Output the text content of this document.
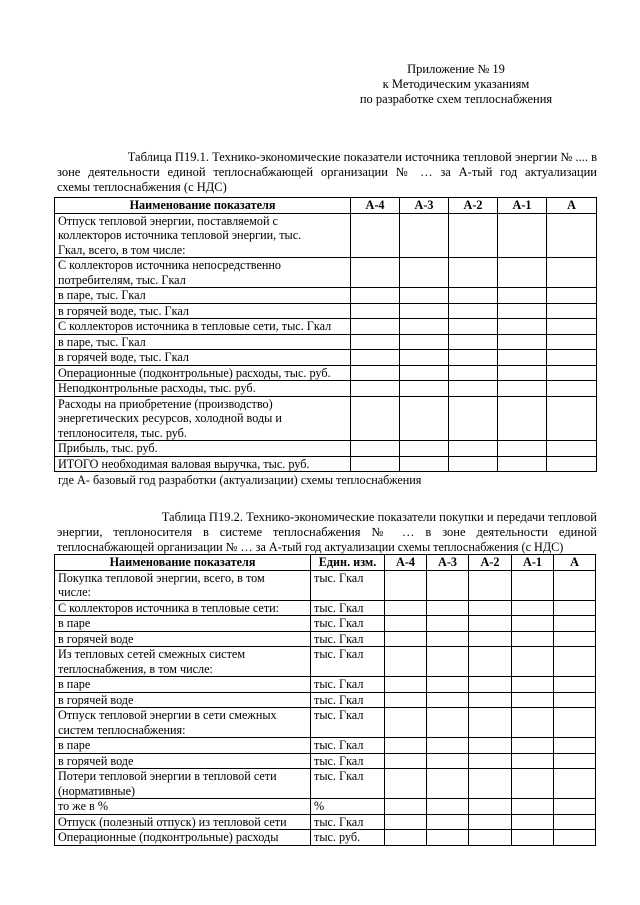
Приложение № 19
к Методическим указаниям
по разработке схем теплоснабжения
Таблица П19.1. Технико-экономические показатели источника тепловой энергии № .... в
зоне деятельности единой теплоснабжающей организации № … за А-тый год актуализации
схемы теплоснабжения (с НДС)
Наименование показателя	А-4	А-3	А-2	А-1	А

Отпуск тепловой энергии, поставляемой с
коллекторов источника тепловой энергии, тыс.
Гкал, всего, в том числе:					

С коллекторов источника непосредственно
потребителям, тыс. Гкал					

в паре, тыс. Гкал					

в горячей воде, тыс. Гкал					

С коллекторов источника в тепловые сети, тыс. Гкал					

в паре, тыс. Гкал					

в горячей воде, тыс. Гкал					

Операционные (подконтрольные) расходы, тыс. руб.					

Неподконтрольные расходы, тыс. руб.					

Расходы на приобретение (производство)
энергетических ресурсов, холодной воды и
теплоносителя, тыс. руб.					

Прибыль, тыс. руб.					

ИТОГО необходимая валовая выручка, тыс. руб.					

где А- базовый год разработки (актуализации) схемы теплоснабжения
Таблица П19.2. Технико-экономические показатели покупки и передачи тепловой
энергии, теплоносителя в системе теплоснабжения № … в зоне деятельности единой
теплоснабжающей организации № … за А-тый год актуализации схемы теплоснабжения (с НДС)
Наименование показателя	Един. изм.	А-4	А-3	А-2	А-1	А

Покупка тепловой энергии, всего, в том
числе:	тыс. Гкал					

С коллекторов источника в тепловые сети:	тыс. Гкал					

в паре	тыс. Гкал					

в горячей воде	тыс. Гкал					

Из тепловых сетей смежных систем
теплоснабжения, в том числе:	тыс. Гкал					

в паре	тыс. Гкал					

в горячей воде	тыс. Гкал					

Отпуск тепловой энергии в сети смежных
систем теплоснабжения:	тыс. Гкал					

в паре	тыс. Гкал					

в горячей воде	тыс. Гкал					

Потери тепловой энергии в тепловой сети
(нормативные)	тыс. Гкал					

то же в %	%					

Отпуск (полезный отпуск) из тепловой сети	тыс. Гкал					

Операционные (подконтрольные) расходы	тыс. руб.					
